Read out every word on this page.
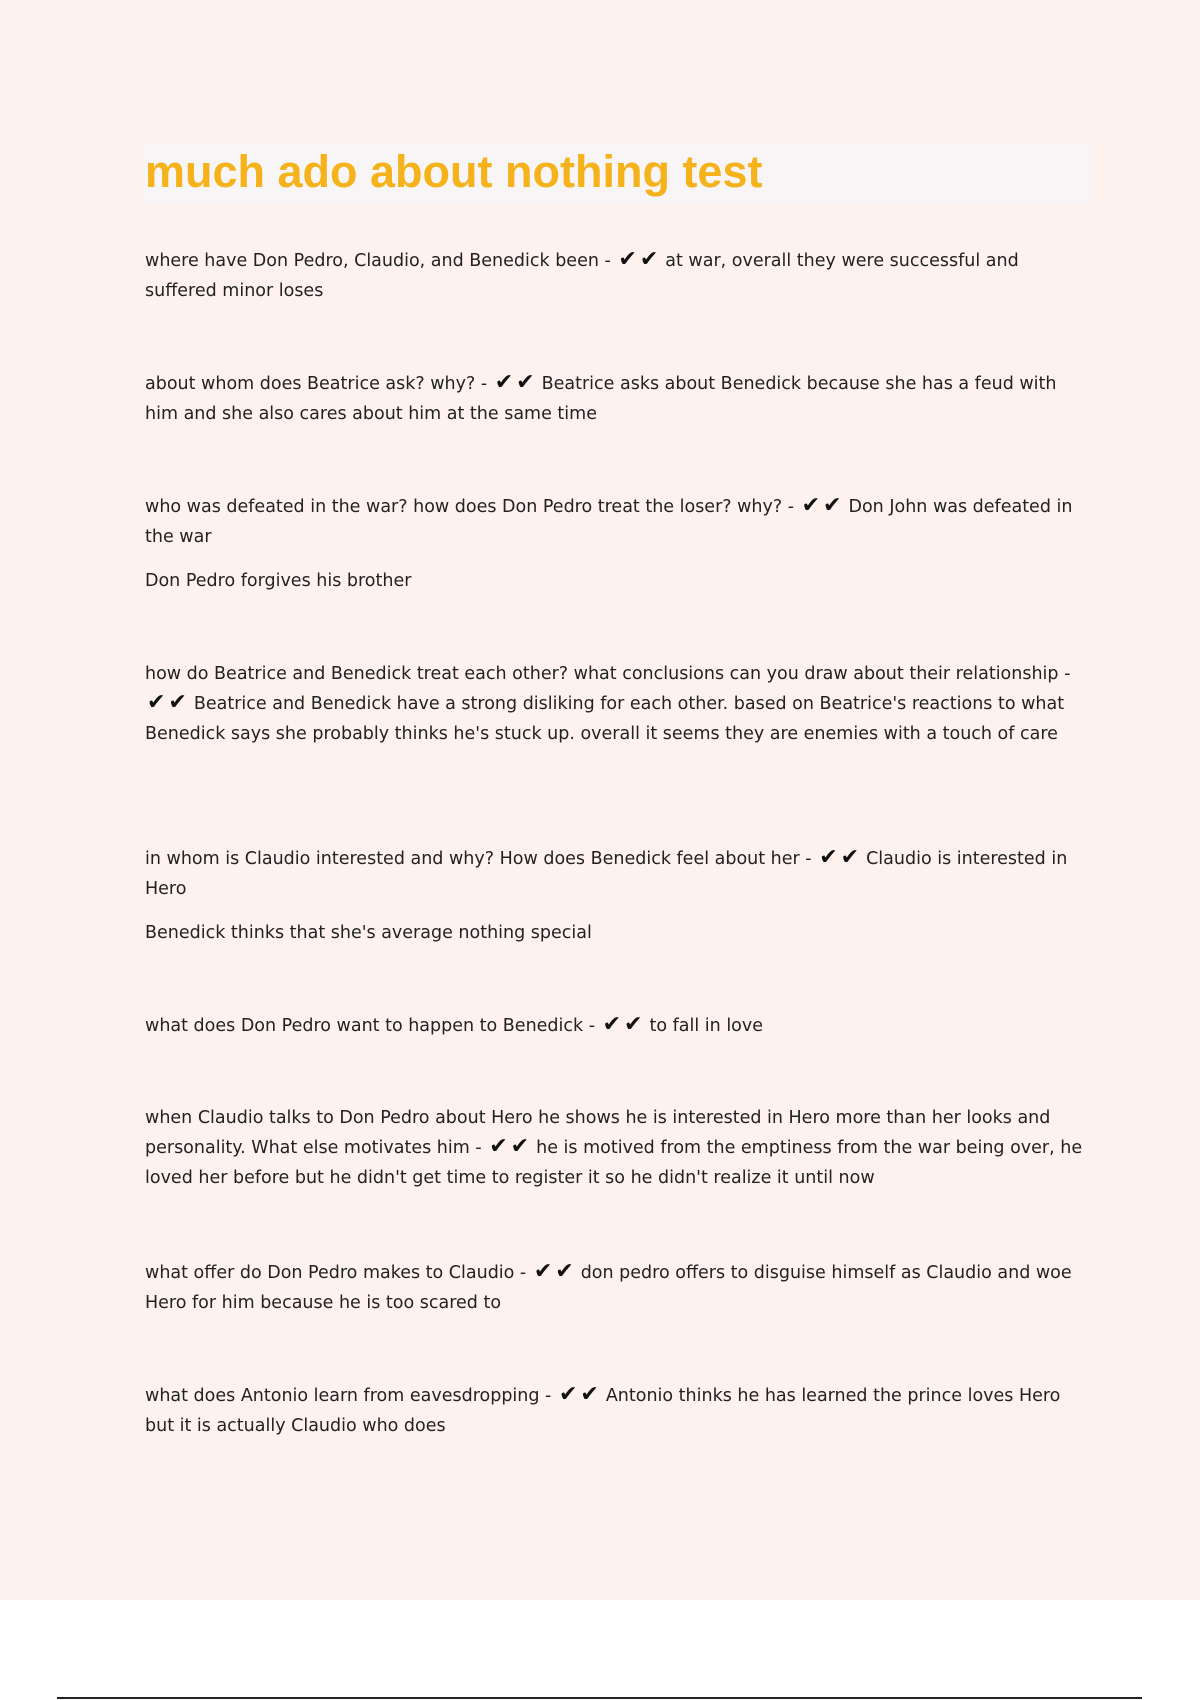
much ado about nothing test

where have Don Pedro, Claudio, and Benedick been - ✔✔ at war, overall they were successful and suffered minor loses

about whom does Beatrice ask? why? - ✔✔ Beatrice asks about Benedick because she has a feud with him and she also cares about him at the same time

who was defeated in the war? how does Don Pedro treat the loser? why? - ✔✔ Don John was defeated in the war

Don Pedro forgives his brother

how do Beatrice and Benedick treat each other? what conclusions can you draw about their relationship - ✔✔ Beatrice and Benedick have a strong disliking for each other. based on Beatrice's reactions to what Benedick says she probably thinks he's stuck up. overall it seems they are enemies with a touch of care

in whom is Claudio interested and why? How does Benedick feel about her - ✔✔ Claudio is interested in Hero

Benedick thinks that she's average nothing special

what does Don Pedro want to happen to Benedick - ✔✔ to fall in love

when Claudio talks to Don Pedro about Hero he shows he is interested in Hero more than her looks and personality. What else motivates him - ✔✔ he is motived from the emptiness from the war being over, he loved her before but he didn't get time to register it so he didn't realize it until now

what offer do Don Pedro makes to Claudio - ✔✔ don pedro offers to disguise himself as Claudio and woe Hero for him because he is too scared to

what does Antonio learn from eavesdropping - ✔✔ Antonio thinks he has learned the prince loves Hero but it is actually Claudio who does
